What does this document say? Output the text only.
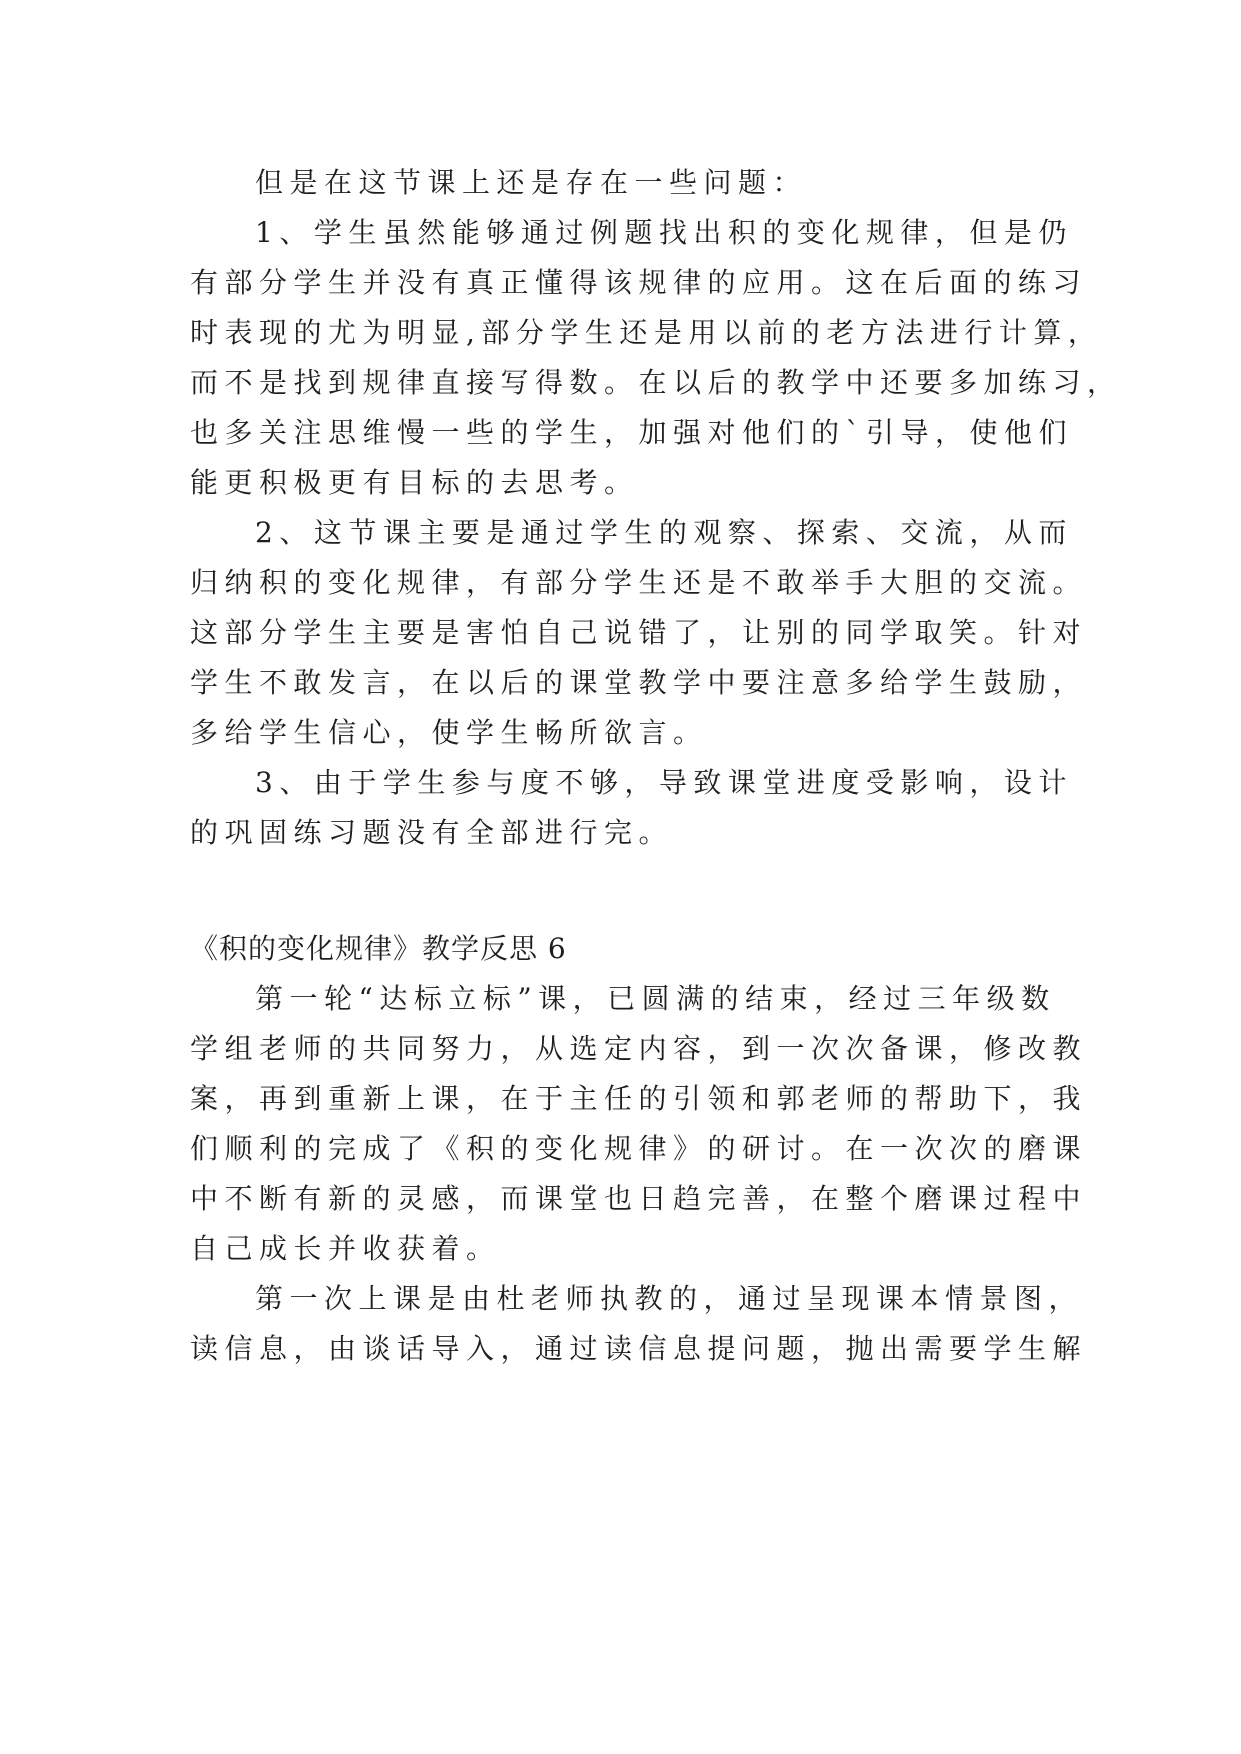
但是在这节课上还是存在一些问题：
1、学生虽然能够通过例题找出积的变化规律，但是仍
有部分学生并没有真正懂得该规律的应用。这在后面的练习
时表现的尤为明显,部分学生还是用以前的老方法进行计算，
而不是找到规律直接写得数。在以后的教学中还要多加练习，
也多关注思维慢一些的学生，加强对他们的`引导，使他们
能更积极更有目标的去思考。
2、这节课主要是通过学生的观察、探索、交流，从而
归纳积的变化规律，有部分学生还是不敢举手大胆的交流。
这部分学生主要是害怕自己说错了，让别的同学取笑。针对
学生不敢发言，在以后的课堂教学中要注意多给学生鼓励，
多给学生信心，使学生畅所欲言。
3、由于学生参与度不够，导致课堂进度受影响，设计
的巩固练习题没有全部进行完。
《积的变化规律》教学反思 6
第一轮“达标立标”课，已圆满的结束，经过三年级数
学组老师的共同努力，从选定内容，到一次次备课，修改教
案，再到重新上课，在于主任的引领和郭老师的帮助下，我
们顺利的完成了《积的变化规律》的研讨。在一次次的磨课
中不断有新的灵感，而课堂也日趋完善，在整个磨课过程中
自己成长并收获着。
第一次上课是由杜老师执教的，通过呈现课本情景图，
读信息，由谈话导入，通过读信息提问题，抛出需要学生解
